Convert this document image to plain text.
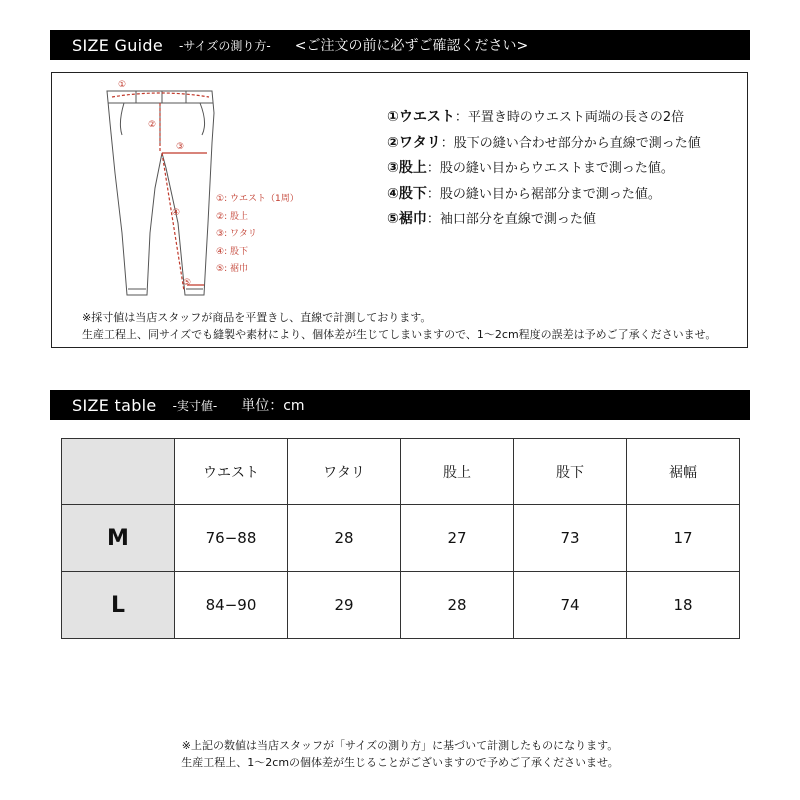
SIZE Guide -サイズの測り方- <ご注文の前に必ずご確認ください>
①
②
③
④
⑤
①: ウエスト（1周）
②: 股上
③: ワタリ
④: 股下
⑤: 裾巾
①ウエスト：平置き時のウエスト両端の長さの2倍
②ワタリ：股下の縫い合わせ部分から直線で測った値
③股上：股の縫い目からウエストまで測った値。
④股下：股の縫い目から裾部分まで測った値。
⑤裾巾：袖口部分を直線で測った値
※採寸値は当店スタッフが商品を平置きし、直線で計測しております。
生産工程上、同サイズでも縫製や素材により、個体差が生じてしまいますので、1〜2cm程度の誤差は予めご了承くださいませ。
SIZE table -実寸値- 単位：cm
	ウエスト	ワタリ	股上	股下	裾幅
M	76−88	28	27	73	17
L	84−90	29	28	74	18
※上記の数値は当店スタッフが「サイズの測り方」に基づいて計測したものになります。
生産工程上、1〜2cmの個体差が生じることがございますので予めご了承くださいませ。
